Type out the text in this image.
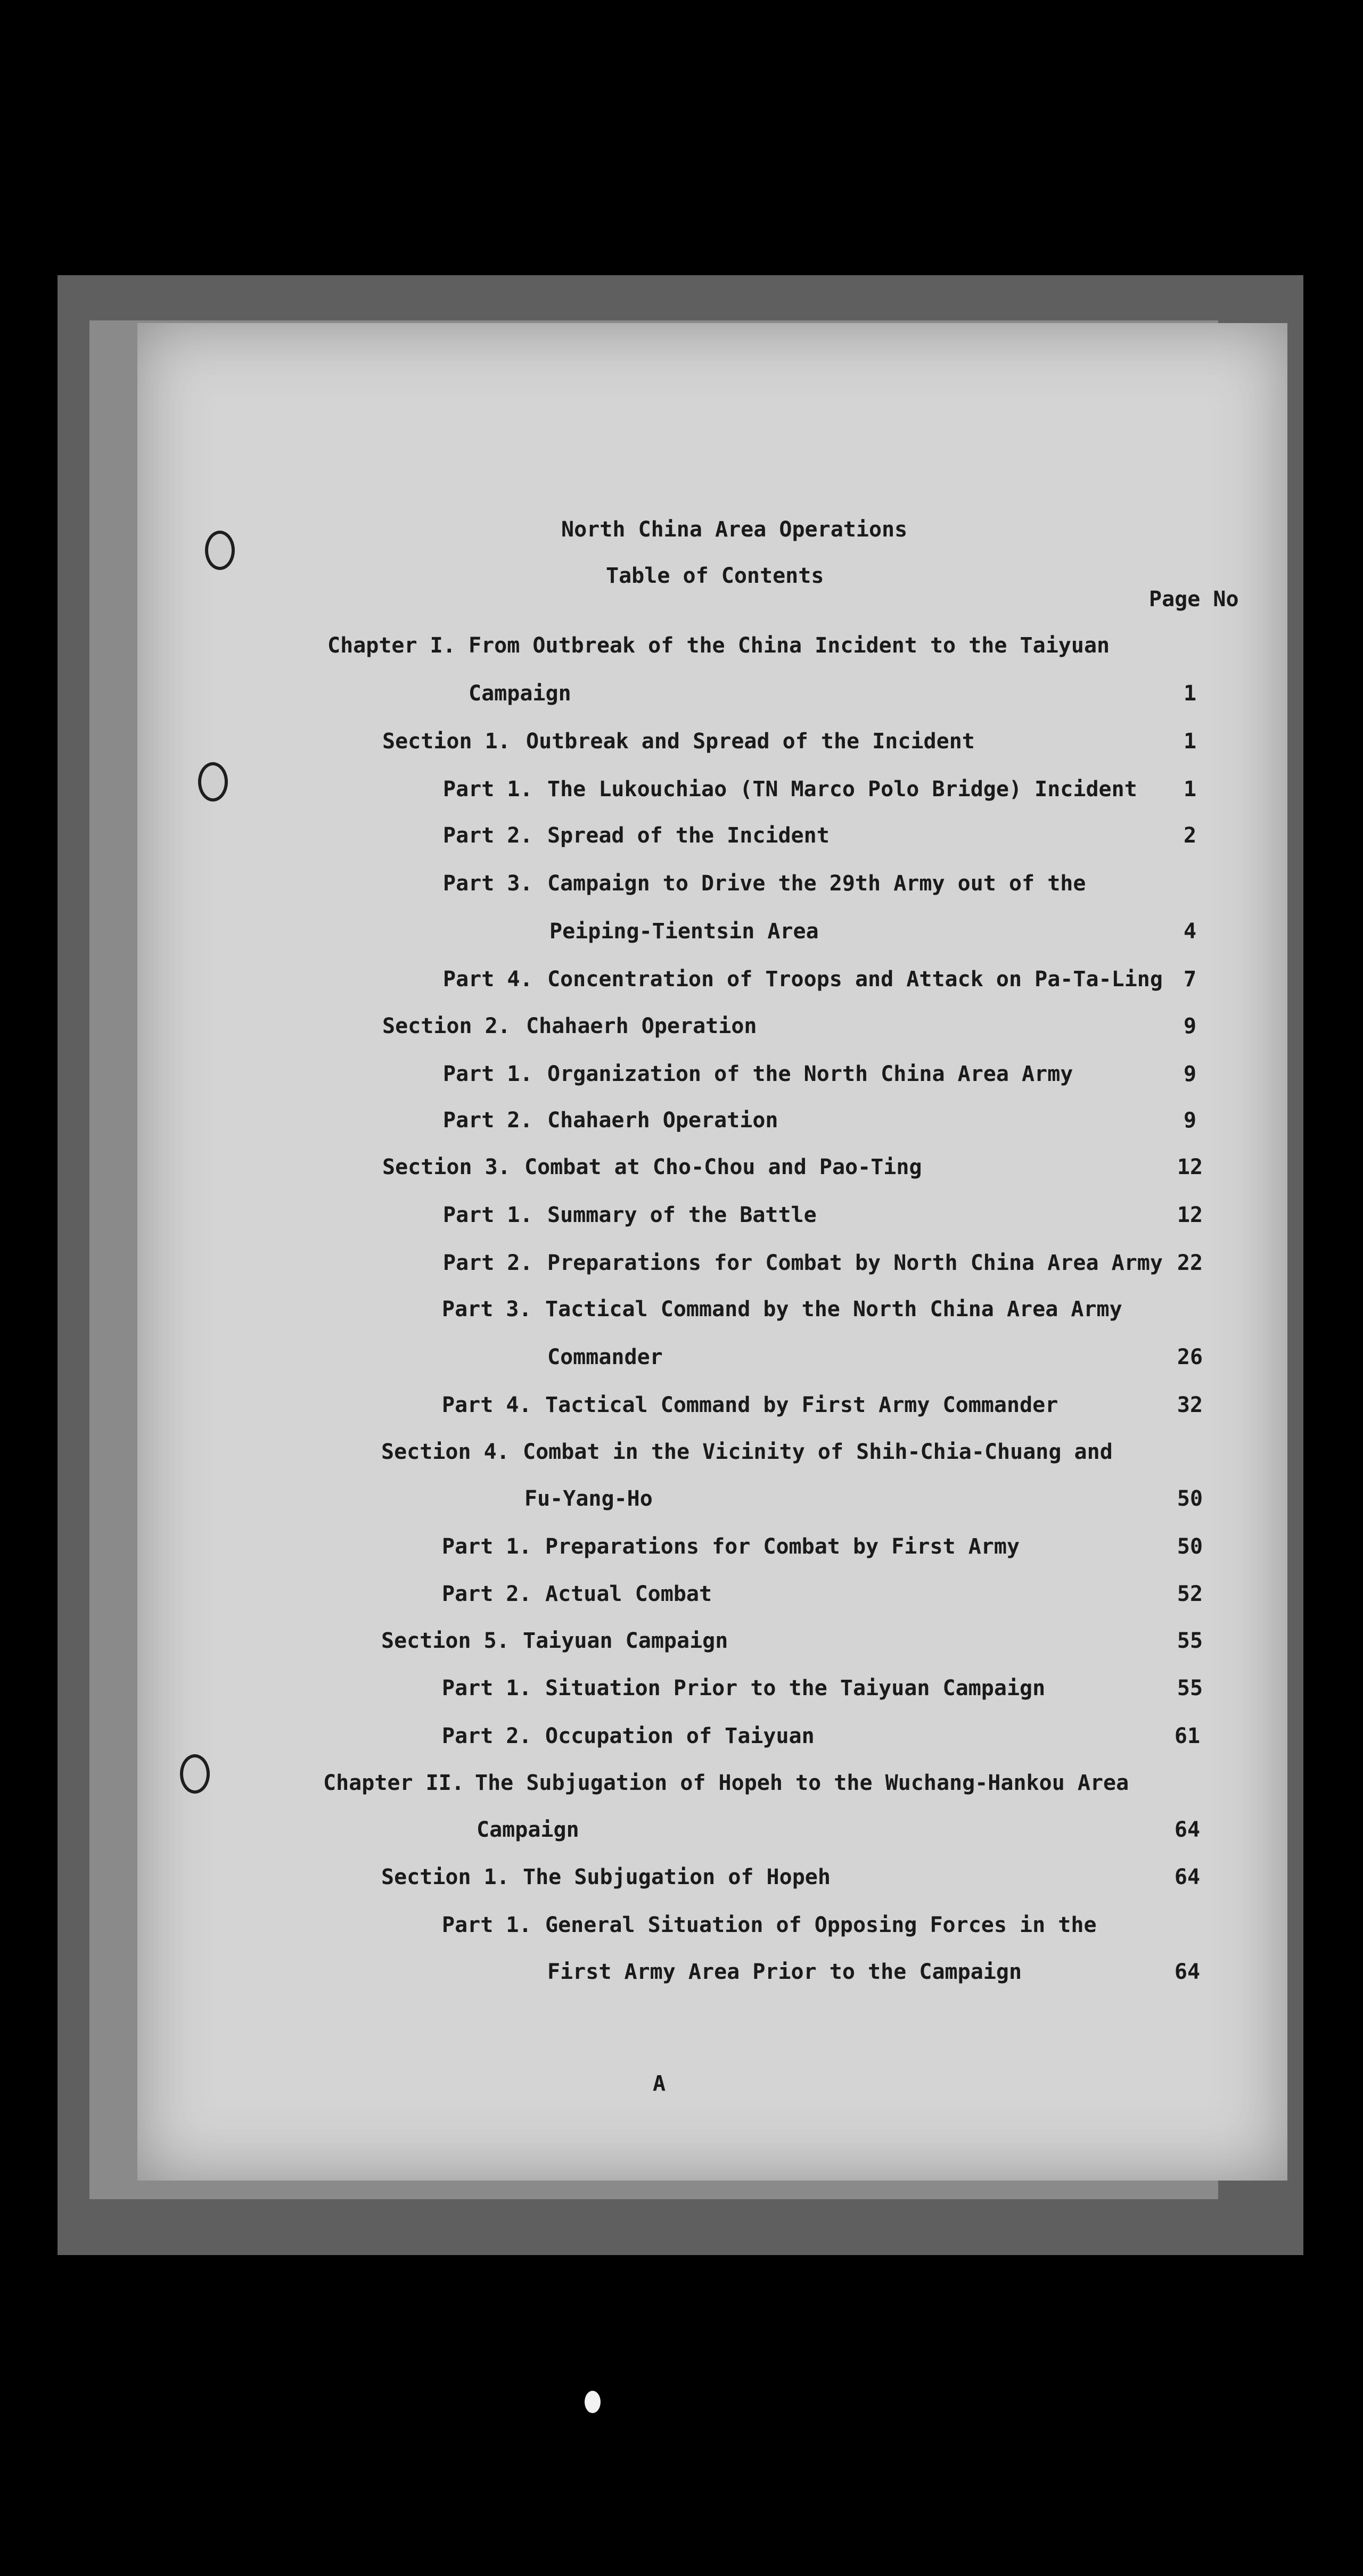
North China Area Operations
Table of Contents
Page No
Chapter I. From Outbreak of the China Incident to the Taiyuan
Campaign	1
Section 1. Outbreak and Spread of the Incident	1
Part 1. The Lukouchiao (TN Marco Polo Bridge) Incident	1
Part 2. Spread of the Incident	2
Part 3. Campaign to Drive the 29th Army out of the
Peiping-Tientsin Area	4
Part 4. Concentration of Troops and Attack on Pa-Ta-Ling 7
Section 2. Chahaerh Operation	9
Part 1. Organization of the North China Area Army	9
Part 2. Chahaerh Operation	9
Section 3. Combat at Cho-Chou and Pao-Ting	12
Part 1. Summary of the Battle	12
Part 2. Preparations for Combat by North China Area Army 22
Part 3. Tactical Command by the North China Area Army
Commander	26
Part 4. Tactical Command by First Army Commander	32
Section 4. Combat in the Vicinity of Shih-Chia-Chuang and
Fu-Yang-Ho	50
Part 1. Preparations for Combat by First Army	50
Part 2. Actual Combat	52
Section 5. Taiyuan Campaign	55
Part 1. Situation Prior to the Taiyuan Campaign	55
Part 2. Occupation of Taiyuan	61
Chapter II. The Subjugation of Hopeh to the Wuchang-Hankou Area
Campaign	64
Section 1. The Subjugation of Hopeh	64
Part 1. General Situation of Opposing Forces in the
First Army Area Prior to the Campaign	64
A
